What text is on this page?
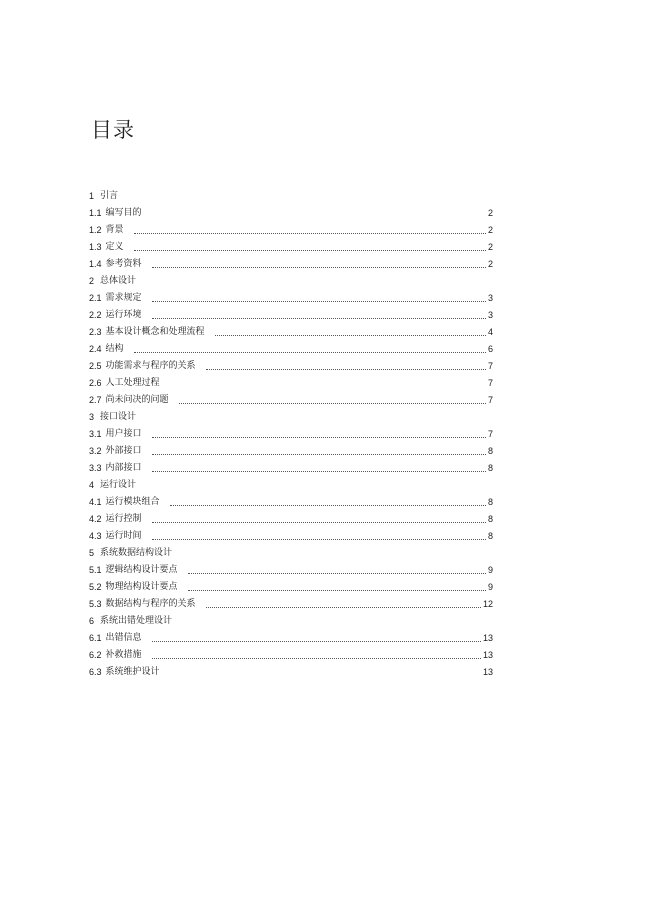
目录
1 引言
1.1 编写目的	2
1.2 背景	2
1.3 定义	2
1.4 参考资料	2
2 总体设计
2.1 需求规定	3
2.2 运行环境	3
2.3 基本设计概念和处理流程	4
2.4 结构	6
2.5 功能需求与程序的关系	7
2.6 人工处理过程	7
2.7 尚未问决的问题	7
3 接口设计
3.1 用户接口	7
3.2 外部接口	8
3.3 内部接口	8
4 运行设计
4.1 运行模块组合	8
4.2 运行控制	8
4.3 运行时间	8
5 系统数据结构设计
5.1 逻辑结构设计要点	9
5.2 物理结构设计要点	9
5.3 数据结构与程序的关系	12
6 系统出错处理设计
6.1 出错信息	13
6.2 补救措施	13
6.3 系统维护设计	13
